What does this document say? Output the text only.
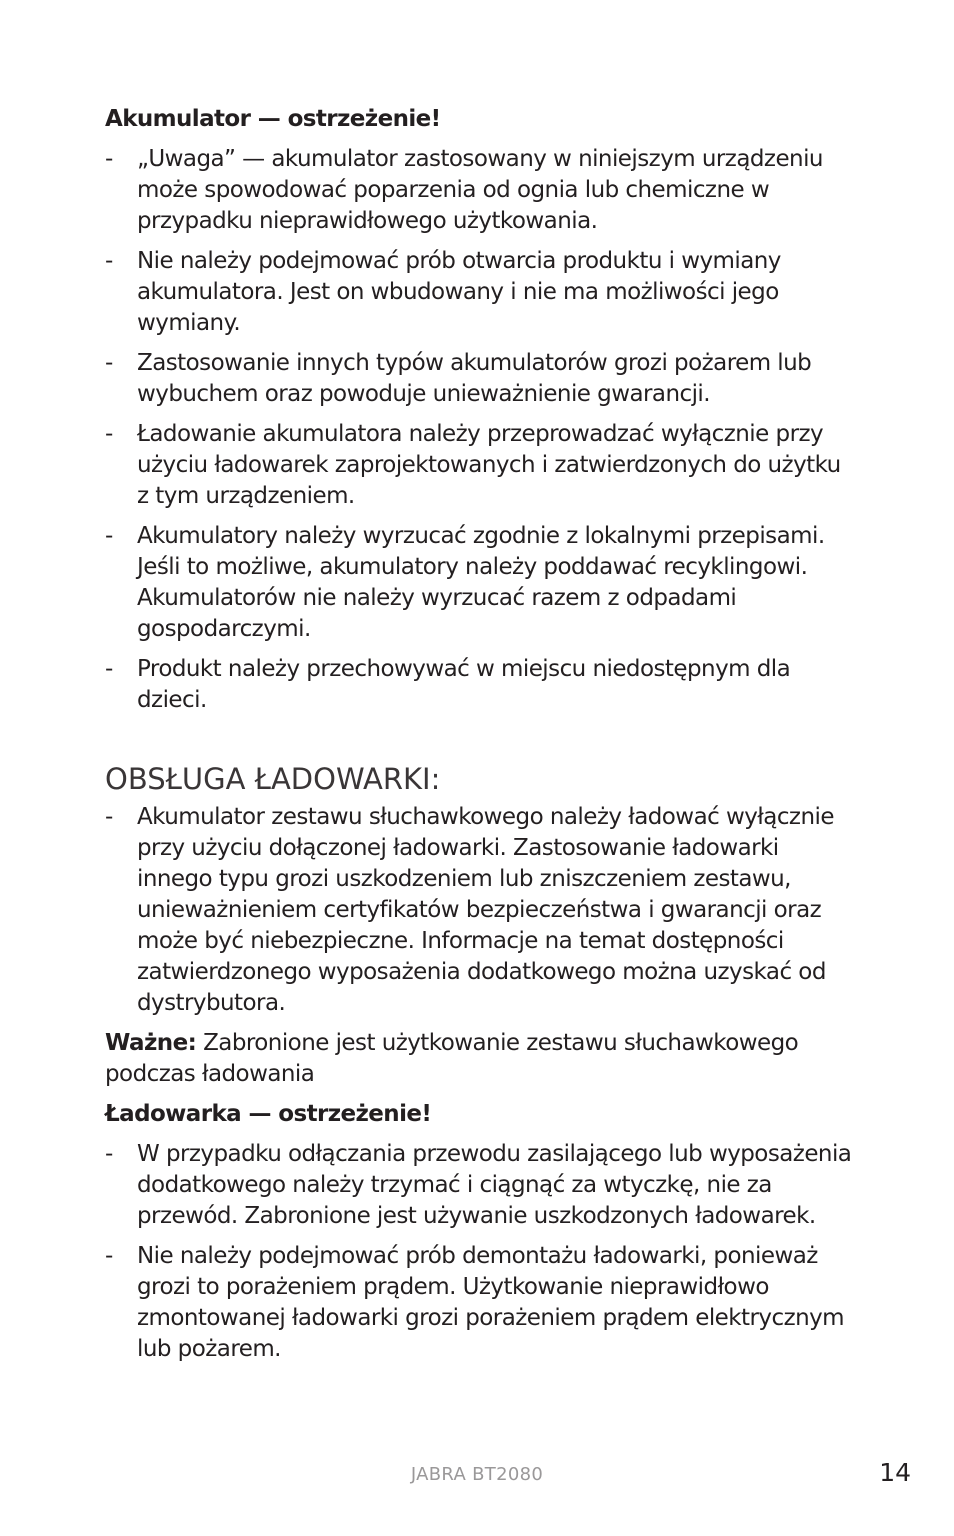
Akumulator — ostrzeżenie!
- „Uwaga” — akumulator zastosowany w niniejszym urządzeniu może spowodować poparzenia od ognia lub chemiczne w przypadku nieprawidłowego użytkowania.
- Nie należy podejmować prób otwarcia produktu i wymiany akumulatora. Jest on wbudowany i nie ma możliwości jego wymiany.
- Zastosowanie innych typów akumulatorów grozi pożarem lub wybuchem oraz powoduje unieważnienie gwarancji.
- Ładowanie akumulatora należy przeprowadzać wyłącznie przy użyciu ładowarek zaprojektowanych i zatwierdzonych do użytku z tym urządzeniem.
- Akumulatory należy wyrzucać zgodnie z lokalnymi przepisami. Jeśli to możliwe, akumulatory należy poddawać recyklingowi. Akumulatorów nie należy wyrzucać razem z odpadami gospodarczymi.
- Produkt należy przechowywać w miejscu niedostępnym dla dzieci.
OBSŁUGA ŁADOWARKI:
- Akumulator zestawu słuchawkowego należy ładować wyłącznie przy użyciu dołączonej ładowarki. Zastosowanie ładowarki innego typu grozi uszkodzeniem lub zniszczeniem zestawu, unieważnieniem certyfikatów bezpieczeństwa i gwarancji oraz może być niebezpieczne. Informacje na temat dostępności zatwierdzonego wyposażenia dodatkowego można uzyskać od dystrybutora.
Ważne: Zabronione jest użytkowanie zestawu słuchawkowego podczas ładowania
Ładowarka — ostrzeżenie!
- W przypadku odłączania przewodu zasilającego lub wyposażenia dodatkowego należy trzymać i ciągnąć za wtyczkę, nie za przewód. Zabronione jest używanie uszkodzonych ładowarek.
- Nie należy podejmować prób demontażu ładowarki, ponieważ grozi to porażeniem prądem. Użytkowanie nieprawidłowo zmontowanej ładowarki grozi porażeniem prądem elektrycznym lub pożarem.
JABRA BT2080	14
